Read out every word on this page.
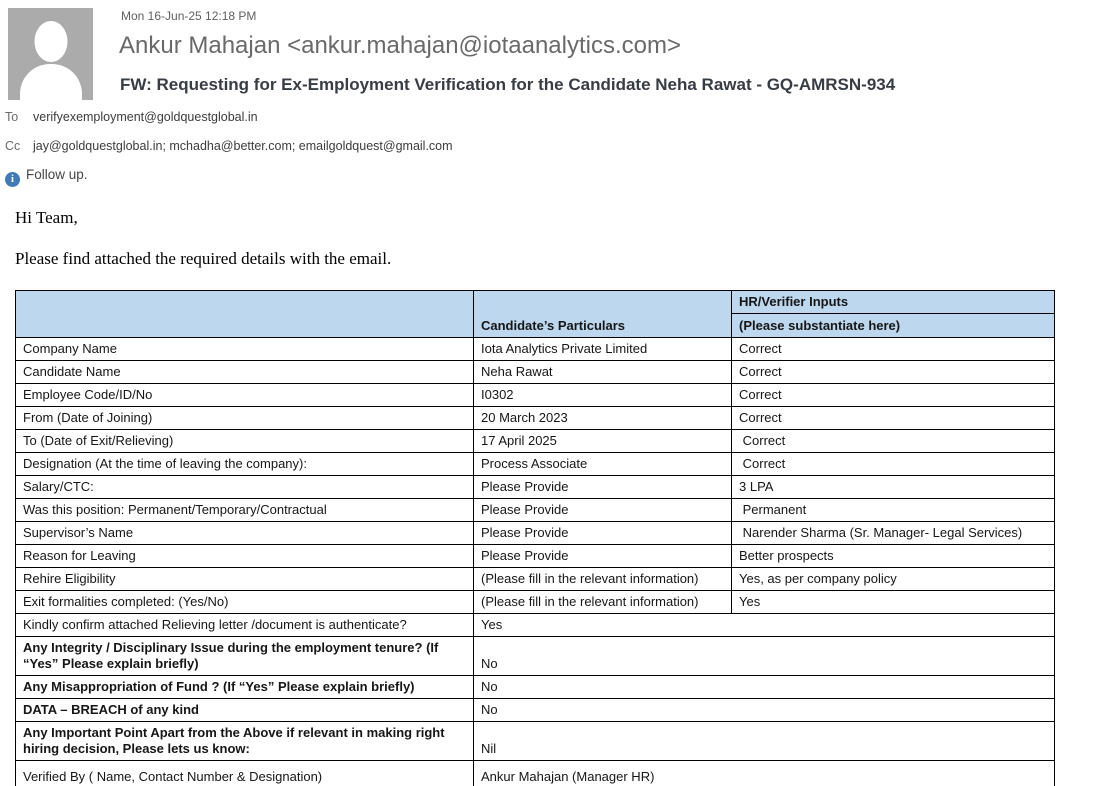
Mon 16-Jun-25 12:18 PM
Ankur Mahajan <ankur.mahajan@iotaanalytics.com>
FW: Requesting for Ex-Employment Verification for the Candidate Neha Rawat - GQ-AMRSN-934
To verifyexemployment@goldquestglobal.in
Cc jay@goldquestglobal.in; mchadha@better.com; emailgoldquest@gmail.com
i Follow up.
Hi Team,
Please find attached the required details with the email.
	Candidate’s Particulars	HR/Verifier Inputs
		(Please substantiate here)
Company Name	Iota Analytics Private Limited	Correct
Candidate Name	Neha Rawat	Correct
Employee Code/ID/No	I0302	Correct
From (Date of Joining)	20 March 2023	Correct
To (Date of Exit/Relieving)	17 April 2025	Correct
Designation (At the time of leaving the company):	Process Associate	Correct
Salary/CTC:	Please Provide	3 LPA
Was this position: Permanent/Temporary/Contractual	Please Provide	Permanent
Supervisor’s Name	Please Provide	Narender Sharma (Sr. Manager- Legal Services)
Reason for Leaving	Please Provide	Better prospects
Rehire Eligibility	(Please fill in the relevant information)	Yes, as per company policy
Exit formalities completed: (Yes/No)	(Please fill in the relevant information)	Yes
Kindly confirm attached Relieving letter /document is authenticate?	Yes	
Any Integrity / Disciplinary Issue during the employment tenure? (If “Yes” Please explain briefly)	No	
Any Misappropriation of Fund ? (If “Yes” Please explain briefly)	No	
DATA – BREACH of any kind	No	
Any Important Point Apart from the Above if relevant in making right hiring decision, Please lets us know:	Nil	
Verified By ( Name, Contact Number & Designation)	Ankur Mahajan (Manager HR)	
